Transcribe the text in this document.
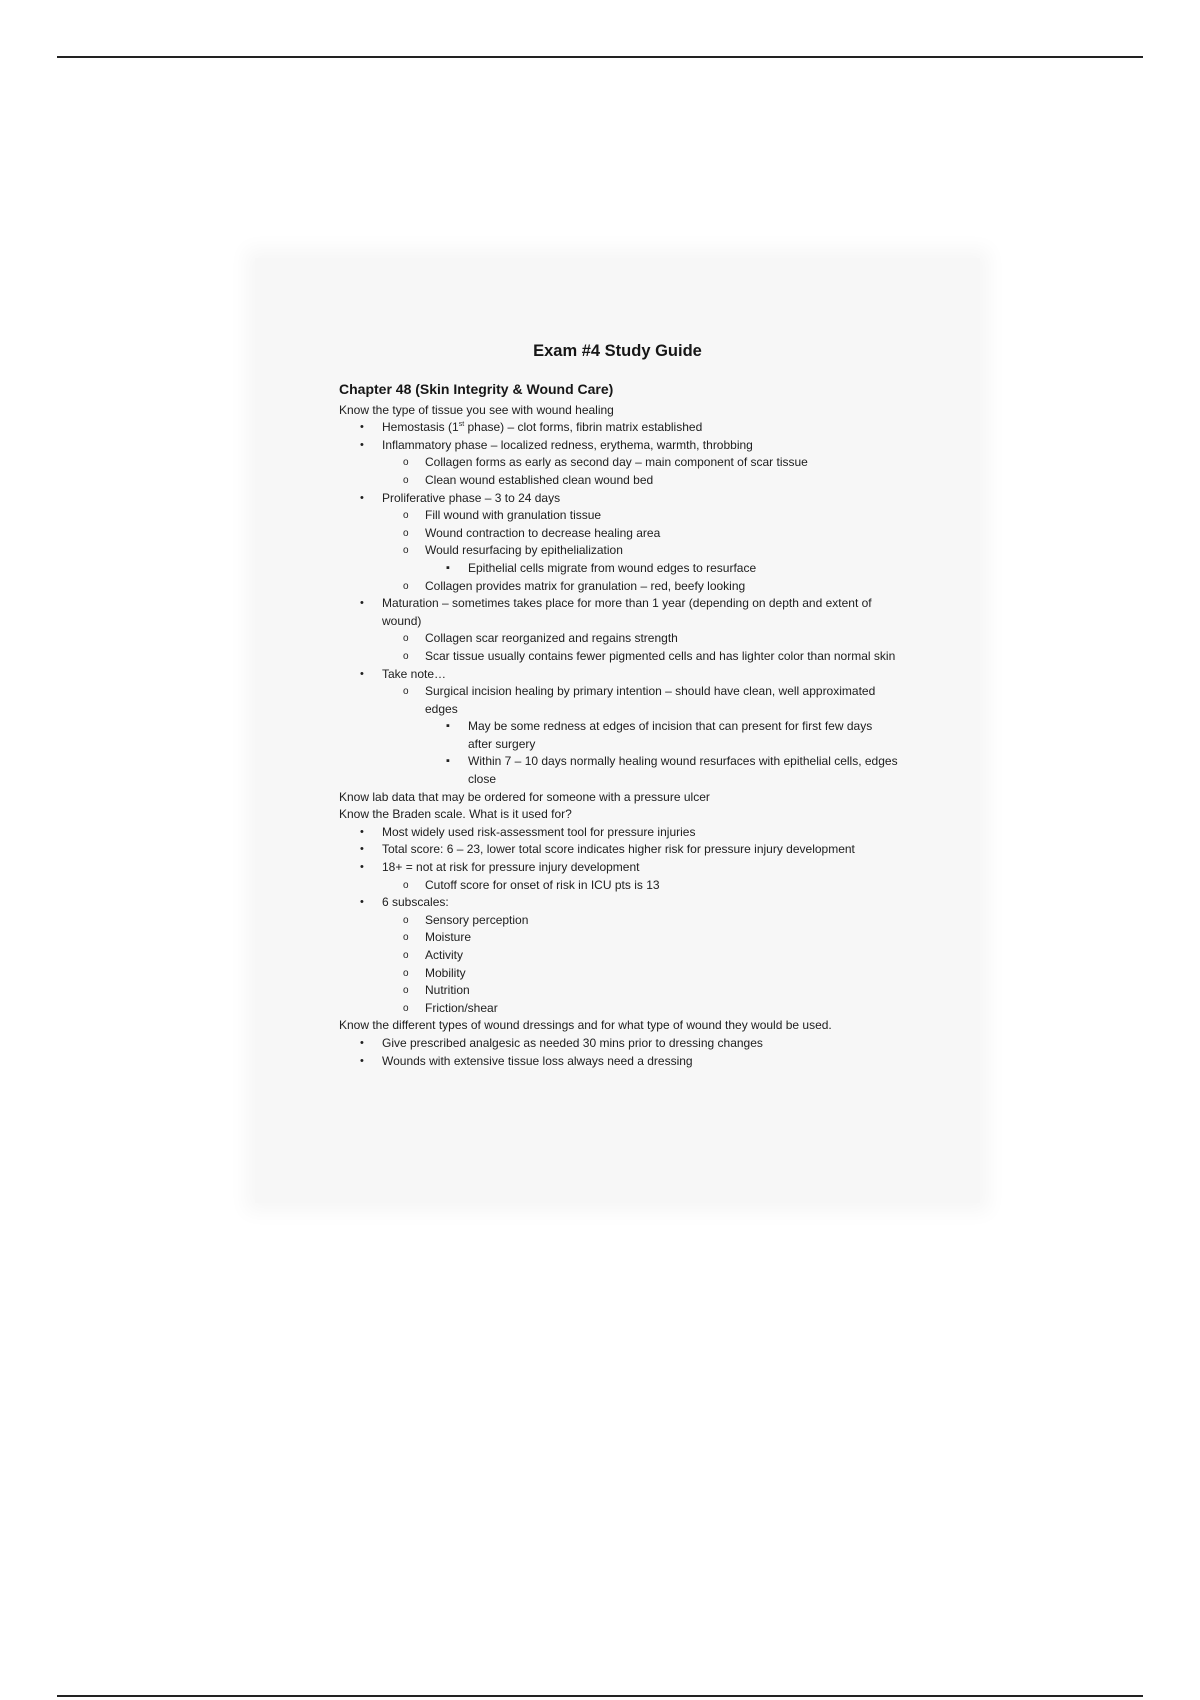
Exam #4 Study Guide
Chapter 48 (Skin Integrity & Wound Care)
Know the type of tissue you see with wound healing
• Hemostasis (1st phase) – clot forms, fibrin matrix established
• Inflammatory phase – localized redness, erythema, warmth, throbbing
o Collagen forms as early as second day – main component of scar tissue
o Clean wound established clean wound bed
• Proliferative phase – 3 to 24 days
o Fill wound with granulation tissue
o Wound contraction to decrease healing area
o Would resurfacing by epithelialization
▪ Epithelial cells migrate from wound edges to resurface
o Collagen provides matrix for granulation – red, beefy looking
• Maturation – sometimes takes place for more than 1 year (depending on depth and extent of wound)
o Collagen scar reorganized and regains strength
o Scar tissue usually contains fewer pigmented cells and has lighter color than normal skin
• Take note…
o Surgical incision healing by primary intention – should have clean, well approximated edges
▪ May be some redness at edges of incision that can present for first few days after surgery
▪ Within 7 – 10 days normally healing wound resurfaces with epithelial cells, edges close
Know lab data that may be ordered for someone with a pressure ulcer
Know the Braden scale. What is it used for?
• Most widely used risk-assessment tool for pressure injuries
• Total score: 6 – 23, lower total score indicates higher risk for pressure injury development
• 18+ = not at risk for pressure injury development
o Cutoff score for onset of risk in ICU pts is 13
• 6 subscales:
o Sensory perception
o Moisture
o Activity
o Mobility
o Nutrition
o Friction/shear
Know the different types of wound dressings and for what type of wound they would be used.
• Give prescribed analgesic as needed 30 mins prior to dressing changes
• Wounds with extensive tissue loss always need a dressing
